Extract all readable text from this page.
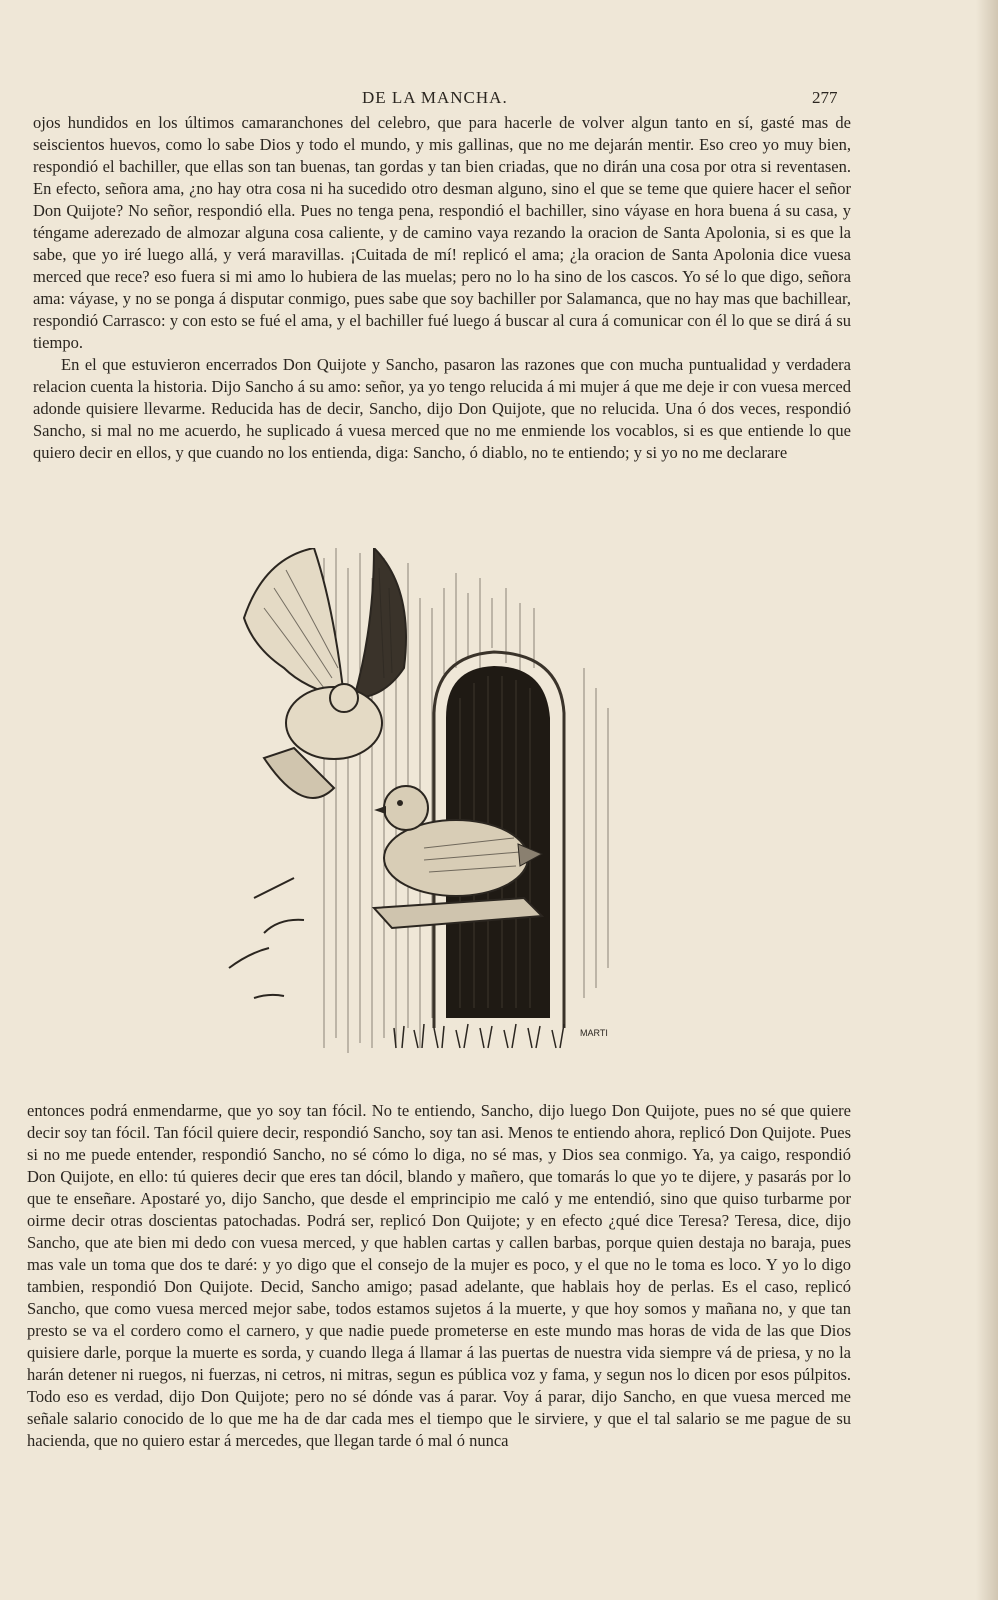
DE LA MANCHA.	277

ojos hundidos en los últimos camaranchones del celebro, que para hacerle de volver algun tanto en sí, gasté mas de seiscientos huevos, como lo sabe Dios y todo el mundo, y mis gallinas, que no me dejarán mentir. Eso creo yo muy bien, respondió el bachiller, que ellas son tan buenas, tan gordas y tan bien criadas, que no dirán una cosa por otra si reventasen. En efecto, señora ama, ¿no hay otra cosa ni ha sucedido otro desman alguno, sino el que se teme que quiere hacer el señor Don Quijote? No señor, respondió ella. Pues no tenga pena, respondió el bachiller, sino váyase en hora buena á su casa, y téngame aderezado de almozar alguna cosa caliente, y de camino vaya rezando la oracion de Santa Apolonia, si es que la sabe, que yo iré luego allá, y verá maravillas. ¡Cuitada de mí! replicó el ama; ¿la oracion de Santa Apolonia dice vuesa merced que rece? eso fuera si mi amo lo hubiera de las muelas; pero no lo ha sino de los cascos. Yo sé lo que digo, señora ama: váyase, y no se ponga á disputar conmigo, pues sabe que soy bachiller por Salamanca, que no hay mas que bachillear, respondió Carrasco: y con esto se fué el ama, y el bachiller fué luego á buscar al cura á comunicar con él lo que se dirá á su tiempo.

En el que estuvieron encerrados Don Quijote y Sancho, pasaron las razones que con mucha puntualidad y verdadera relacion cuenta la historia. Dijo Sancho á su amo: señor, ya yo tengo relucida á mi mujer á que me deje ir con vuesa merced adonde quisiere llevarme. Reducida has de decir, Sancho, dijo Don Quijote, que no relucida. Una ó dos veces, respondió Sancho, si mal no me acuerdo, he suplicado á vuesa merced que no me enmiende los vocablos, si es que entiende lo que quiero decir en ellos, y que cuando no los entienda, diga: Sancho, ó diablo, no te entiendo; y si yo no me declarare

MARTI

entonces podrá enmendarme, que yo soy tan fócil. No te entiendo, Sancho, dijo luego Don Quijote, pues no sé que quiere decir soy tan fócil. Tan fócil quiere decir, respondió Sancho, soy tan asi. Menos te entiendo ahora, replicó Don Quijote. Pues si no me puede entender, respondió Sancho, no sé cómo lo diga, no sé mas, y Dios sea conmigo. Ya, ya caigo, respondió Don Quijote, en ello: tú quieres decir que eres tan dócil, blando y mañero, que tomarás lo que yo te dijere, y pasarás por lo que te enseñare. Apostaré yo, dijo Sancho, que desde el emprincipio me caló y me entendió, sino que quiso turbarme por oirme decir otras doscientas patochadas. Podrá ser, replicó Don Quijote; y en efecto ¿qué dice Teresa? Teresa, dice, dijo Sancho, que ate bien mi dedo con vuesa merced, y que hablen cartas y callen barbas, porque quien destaja no baraja, pues mas vale un toma que dos te daré: y yo digo que el consejo de la mujer es poco, y el que no le toma es loco. Y yo lo digo tambien, respondió Don Quijote. Decid, Sancho amigo; pasad adelante, que hablais hoy de perlas. Es el caso, replicó Sancho, que como vuesa merced mejor sabe, todos estamos sujetos á la muerte, y que hoy somos y mañana no, y que tan presto se va el cordero como el carnero, y que nadie puede prometerse en este mundo mas horas de vida de las que Dios quisiere darle, porque la muerte es sorda, y cuando llega á llamar á las puertas de nuestra vida siempre vá de priesa, y no la harán detener ni ruegos, ni fuerzas, ni cetros, ni mitras, segun es pública voz y fama, y segun nos lo dicen por esos púlpitos. Todo eso es verdad, dijo Don Quijote; pero no sé dónde vas á parar. Voy á parar, dijo Sancho, en que vuesa merced me señale salario conocido de lo que me ha de dar cada mes el tiempo que le sirviere, y que el tal salario se me pague de su hacienda, que no quiero estar á mercedes, que llegan tarde ó mal ó nunca
